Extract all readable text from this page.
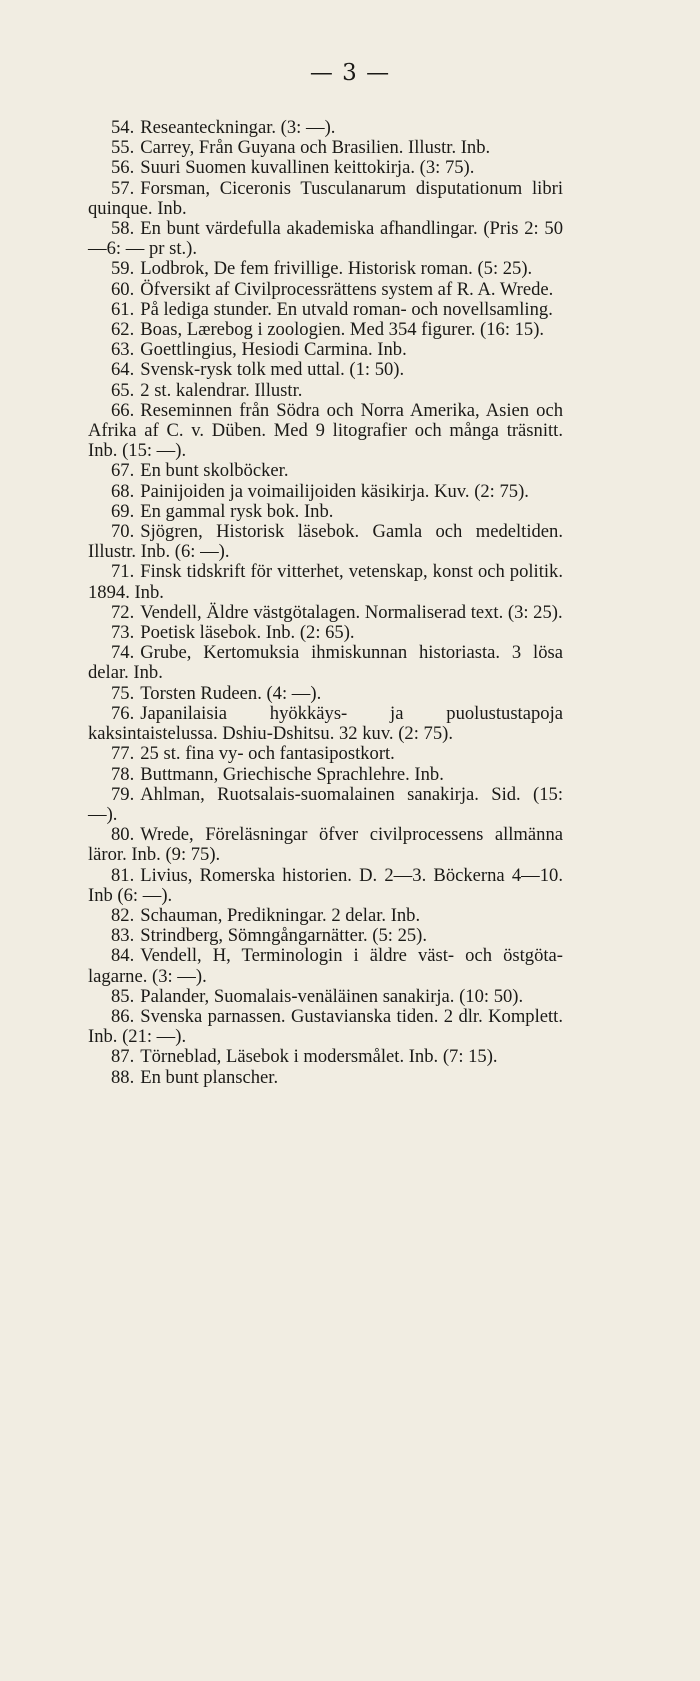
— 3 —

54. Reseanteckningar. (3: —).

55. Carrey, Från Guyana och Brasilien. Illustr. Inb.

56. Suuri Suomen kuvallinen keittokirja. (3: 75).

57. Forsman, Ciceronis Tusculanarum disputationum libri quinque. Inb.

58. En bunt värdefulla akademiska afhandlingar. (Pris 2: 50—6: — pr st.).

59. Lodbrok, De fem frivillige. Historisk roman. (5: 25).

60. Öfversikt af Civilprocessrättens system af R. A. Wrede.

61. På lediga stunder. En utvald roman- och novellsamling.

62. Boas, Lærebog i zoologien. Med 354 figurer. (16: 15).

63. Goettlingius, Hesiodi Carmina. Inb.

64. Svensk-rysk tolk med uttal. (1: 50).

65. 2 st. kalendrar. Illustr.

66. Reseminnen från Södra och Norra Amerika, Asien och Afrika af C. v. Düben. Med 9 litografier och många träsnitt. Inb. (15: —).

67. En bunt skolböcker.

68. Painijoiden ja voimailijoiden käsikirja. Kuv. (2: 75).

69. En gammal rysk bok. Inb.

70. Sjögren, Historisk läsebok. Gamla och medeltiden. Illustr. Inb. (6: —).

71. Finsk tidskrift för vitterhet, vetenskap, konst och politik. 1894. Inb.

72. Vendell, Äldre västgötalagen. Normaliserad text. (3: 25).

73. Poetisk läsebok. Inb. (2: 65).

74. Grube, Kertomuksia ihmiskunnan historiasta. 3 lösa delar. Inb.

75. Torsten Rudeen. (4: —).

76. Japanilaisia hyökkäys- ja puolustustapoja kaksintaistelussa. Dshiu-Dshitsu. 32 kuv. (2: 75).

77. 25 st. fina vy- och fantasipostkort.

78. Buttmann, Griechische Sprachlehre. Inb.

79. Ahlman, Ruotsalais-suomalainen sanakirja. Sid. (15: —).

80. Wrede, Föreläsningar öfver civilprocessens allmänna läror. Inb. (9: 75).

81. Livius, Romerska historien. D. 2—3. Böckerna 4—10. Inb (6: —).

82. Schauman, Predikningar. 2 delar. Inb.

83. Strindberg, Sömngångarnätter. (5: 25).

84. Vendell, H, Terminologin i äldre väst- och östgöta-lagarne. (3: —).

85. Palander, Suomalais-venäläinen sanakirja. (10: 50).

86. Svenska parnassen. Gustavianska tiden. 2 dlr. Komplett. Inb. (21: —).

87. Törneblad, Läsebok i modersmålet. Inb. (7: 15).

88. En bunt planscher.
